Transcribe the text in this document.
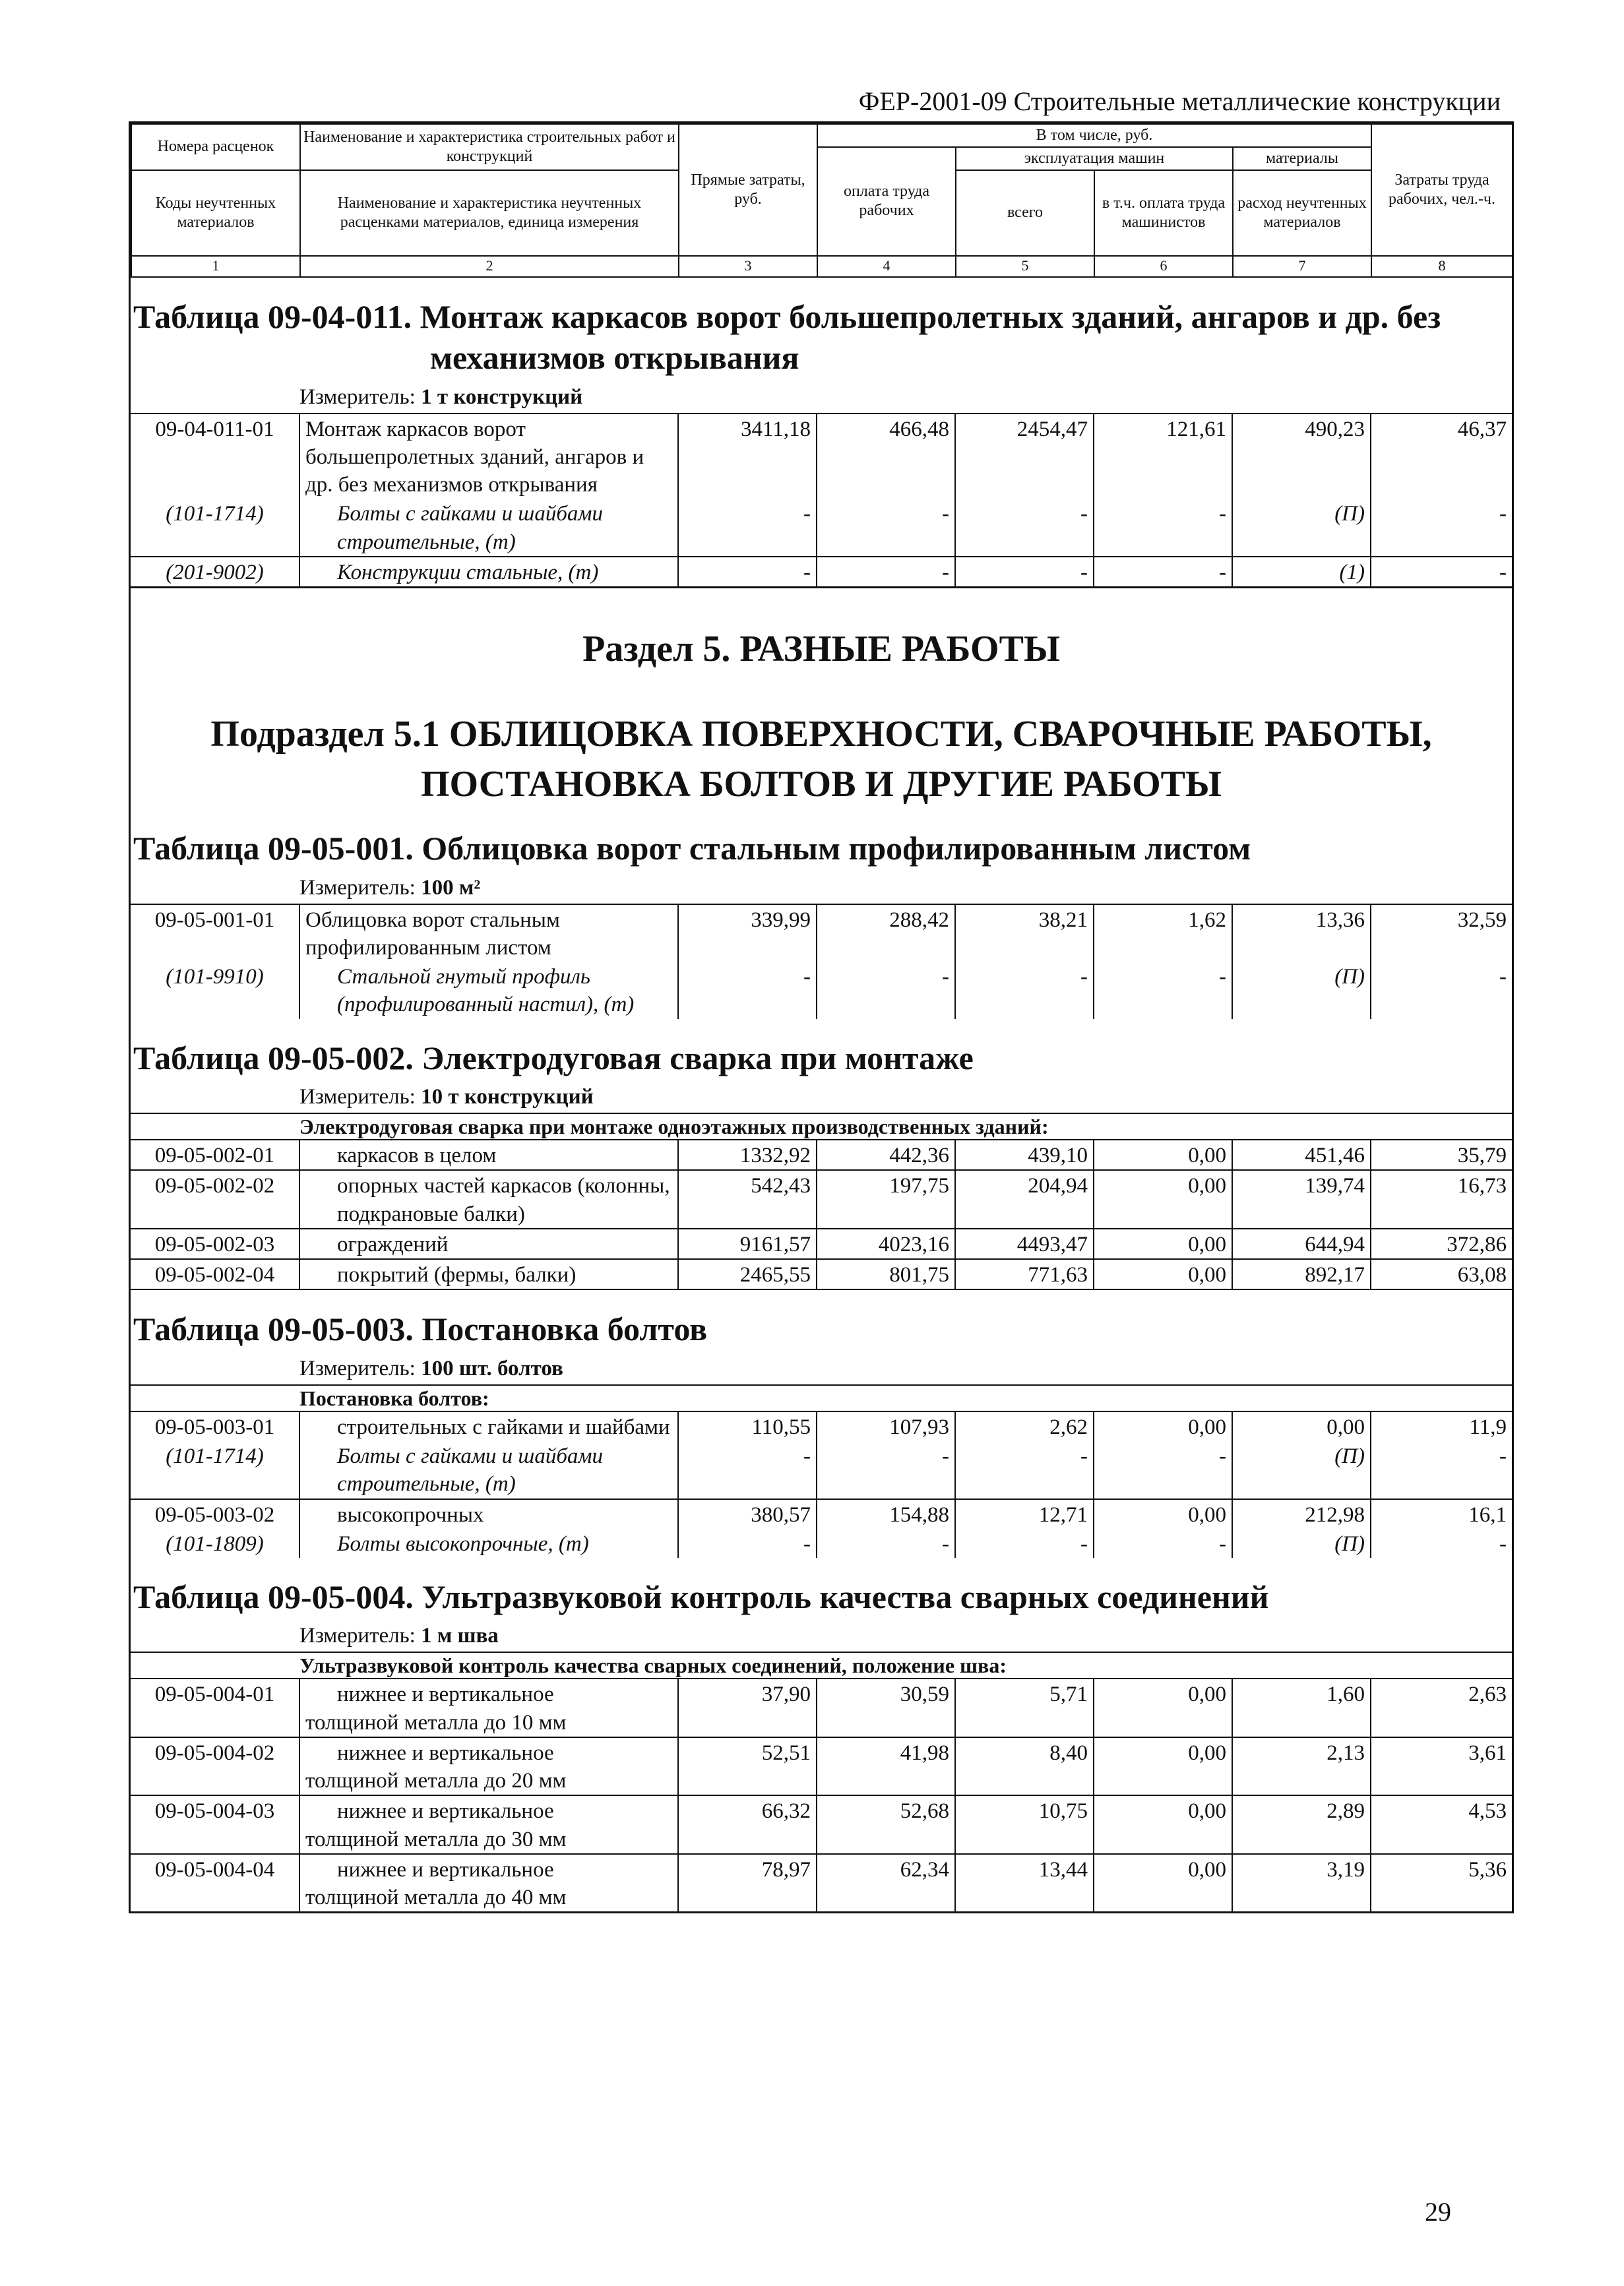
ФЕР-2001-09 Строительные металлические конструкции
Номера расценок	Наименование и характеристика строительных работ и конструкций	Прямые затраты, руб.	В том числе, руб.				Затраты труда рабочих, чел.-ч.
			оплата труда рабочих	эксплуатация машин		материалы	
Коды неучтенных материалов	Наименование и характеристика неучтенных расценками материалов, единица измерения			всего	в т.ч. оплата труда машинистов	расход неучтенных материалов	

1	2	3	4	5	6	7	8
Таблица 09-04-011. Монтаж каркасов ворот большепролетных зданий, ангаров и др. без
механизмов открывания
Измеритель: 1 т конструкций
09-04-011-01	Монтаж каркасов ворот большепролетных зданий, ангаров и др. без механизмов открывания	3411,18	466,48	2454,47	121,61	490,23	46,37
(101-1714)	Болты с гайками и шайбами строительные, (т)	-	-	-	-	(П)	-
(201-9002)	Конструкции стальные, (т)	-	-	-	-	(1)	-
Раздел 5. РАЗНЫЕ РАБОТЫ
Подраздел 5.1 ОБЛИЦОВКА ПОВЕРХНОСТИ, СВАРОЧНЫЕ РАБОТЫ,
ПОСТАНОВКА БОЛТОВ И ДРУГИЕ РАБОТЫ
Таблица 09-05-001. Облицовка ворот стальным профилированным листом
Измеритель: 100 м²
09-05-001-01	Облицовка ворот стальным профилированным листом	339,99	288,42	38,21	1,62	13,36	32,59
(101-9910)	Стальной гнутый профиль (профилированный настил), (т)	-	-	-	-	(П)	-
Таблица 09-05-002. Электродуговая сварка при монтаже
Измеритель: 10 т конструкций
Электродуговая сварка при монтаже одноэтажных производственных зданий:
09-05-002-01	каркасов в целом	1332,92	442,36	439,10	0,00	451,46	35,79
09-05-002-02	опорных частей каркасов (колонны, подкрановые балки)	542,43	197,75	204,94	0,00	139,74	16,73
09-05-002-03	ограждений	9161,57	4023,16	4493,47	0,00	644,94	372,86
09-05-002-04	покрытий (фермы, балки)	2465,55	801,75	771,63	0,00	892,17	63,08
Таблица 09-05-003. Постановка болтов
Измеритель: 100 шт. болтов
Постановка болтов:
09-05-003-01	строительных с гайками и шайбами	110,55	107,93	2,62	0,00	0,00	11,9
(101-1714)	Болты с гайками и шайбами строительные, (т)	-	-	-	-	(П)	-
09-05-003-02	высокопрочных	380,57	154,88	12,71	0,00	212,98	16,1
(101-1809)	Болты высокопрочные, (т)	-	-	-	-	(П)	-
Таблица 09-05-004. Ультразвуковой контроль качества сварных соединений
Измеритель: 1 м шва
Ультразвуковой контроль качества сварных соединений, положение шва:
09-05-004-01	нижнее и вертикальное
толщиной металла до 10 мм	37,90	30,59	5,71	0,00	1,60	2,63
09-05-004-02	нижнее и вертикальное
толщиной металла до 20 мм	52,51	41,98	8,40	0,00	2,13	3,61
09-05-004-03	нижнее и вертикальное
толщиной металла до 30 мм	66,32	52,68	10,75	0,00	2,89	4,53
09-05-004-04	нижнее и вертикальное
толщиной металла до 40 мм	78,97	62,34	13,44	0,00	3,19	5,36
29
